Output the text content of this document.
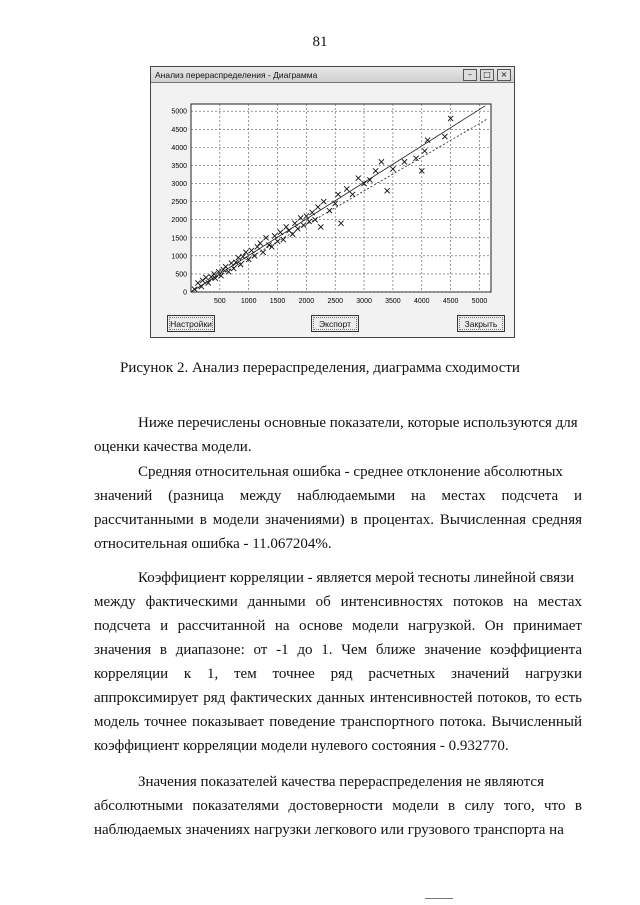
81
Анализ перераспределения - Диаграмма	–	□	×
500 1000 1500 2000 2500 3000 3500 4000 4500 5000
0
500
1000
1500
2000
2500
3000
3500
4000
4500
5000
Настройки	Экспорт	Закрыть
Рисунок 2. Анализ перераспределения, диаграмма сходимости

Ниже перечислены основные показатели, которые используются для
оценки качества модели.

Средняя относительная ошибка - среднее отклонение абсолютных
значений (разница между наблюдаемыми на местах подсчета и рассчитанными в модели значениями) в процентах. Вычисленная средняя относительная ошибка - 11.067204%.

Коэффициент корреляции - является мерой тесноты линейной связи
между фактическими данными об интенсивностях потоков на местах подсчета и рассчитанной на основе модели нагрузкой. Он принимает значения в диапазоне: от -1 до 1. Чем ближе значение коэффициента корреляции к 1, тем точнее ряд расчетных значений нагрузки аппроксимирует ряд фактических данных интенсивностей потоков, то есть модель точнее показывает поведение транспортного потока. Вычисленный коэффициент корреляции модели нулевого состояния - 0.932770.

Значения показателей качества перераспределения не являются
абсолютными показателями достоверности модели в силу того, что в наблюдаемых значениях нагрузки легкового или грузового транспорта на
